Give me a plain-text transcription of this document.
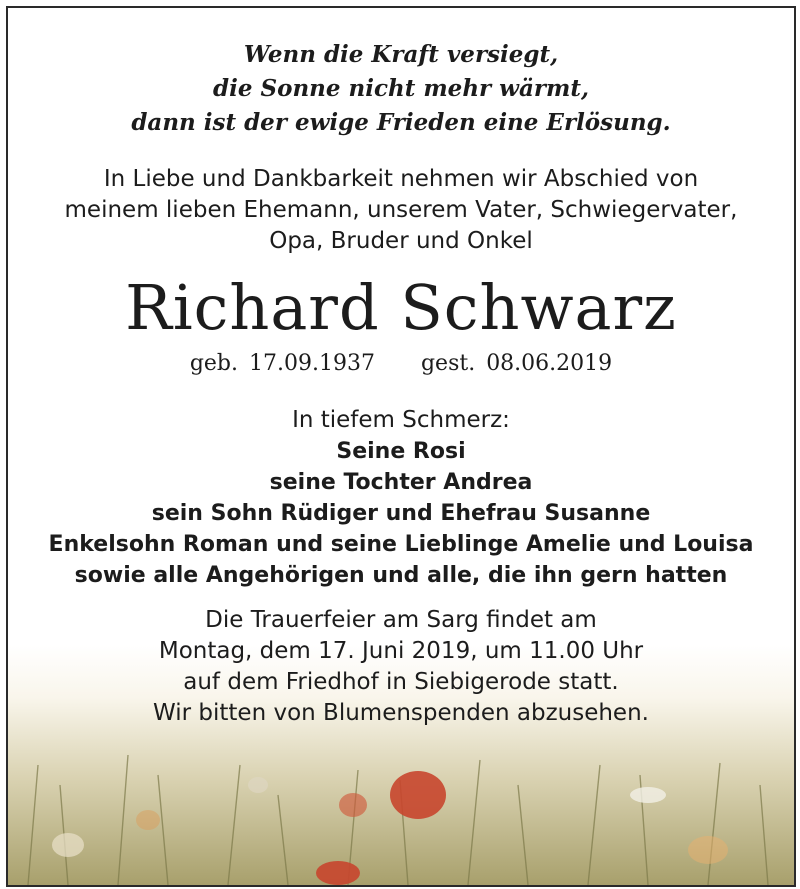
Wenn die Kraft versiegt,
die Sonne nicht mehr wärmt,
dann ist der ewige Frieden eine Erlösung.
In Liebe und Dankbarkeit nehmen wir Abschied von
meinem lieben Ehemann, unserem Vater, Schwiegervater,
Opa, Bruder und Onkel
Richard Schwarz
geb. 17.09.1937 gest. 08.06.2019
In tiefem Schmerz:
Seine Rosi
seine Tochter Andrea
sein Sohn Rüdiger und Ehefrau Susanne
Enkelsohn Roman und seine Lieblinge Amelie und Louisa
sowie alle Angehörigen und alle, die ihn gern hatten
Die Trauerfeier am Sarg findet am
Montag, dem 17. Juni 2019, um 11.00 Uhr
auf dem Friedhof in Siebigerode statt.
Wir bitten von Blumenspenden abzusehen.
